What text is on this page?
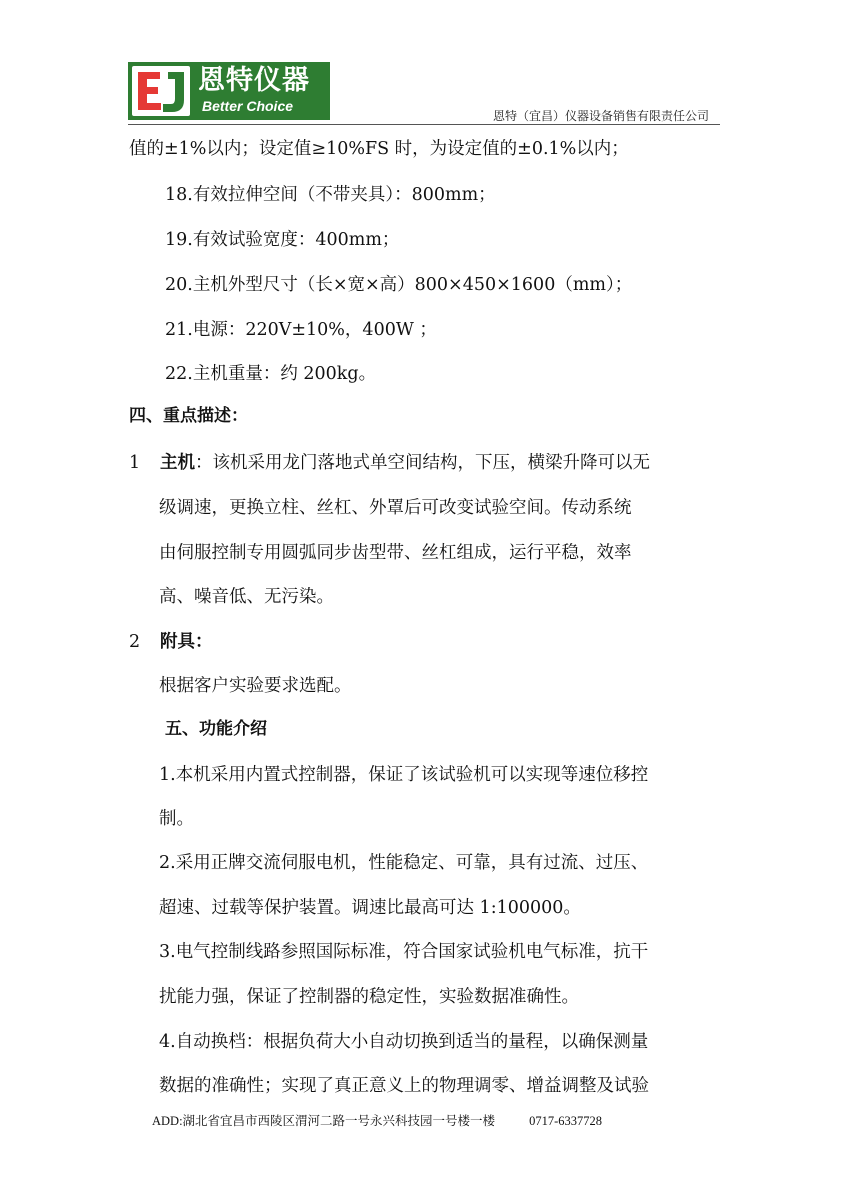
恩特仪器
Better Choice
恩特（宜昌）仪器设备销售有限责任公司
值的±1%以内；设定值≥10%FS 时，为设定值的±0.1%以内；
18.有效拉伸空间（不带夹具）：800mm；
19.有效试验宽度：400mm；
20.主机外型尺寸（长×宽×高）800×450×1600（mm）；
21.电源：220V±10%，400W ；
22.主机重量：约 200kg。
四、重点描述：
1 主机：该机采用龙门落地式单空间结构，下压，横梁升降可以无
级调速，更换立柱、丝杠、外罩后可改变试验空间。传动系统
由伺服控制专用圆弧同步齿型带、丝杠组成，运行平稳，效率
高、噪音低、无污染。
2 附具：
根据客户实验要求选配。
五、功能介绍
1.本机采用内置式控制器，保证了该试验机可以实现等速位移控
制。
2.采用正牌交流伺服电机，性能稳定、可靠，具有过流、过压、
超速、过载等保护装置。调速比最高可达 1:100000。
3.电气控制线路参照国际标准，符合国家试验机电气标准，抗干
扰能力强，保证了控制器的稳定性，实验数据准确性。
4.自动换档：根据负荷大小自动切换到适当的量程，以确保测量
数据的准确性；实现了真正意义上的物理调零、增益调整及试验
ADD:湖北省宜昌市西陵区渭河二路一号永兴科技园一号楼一楼	0717-6337728
